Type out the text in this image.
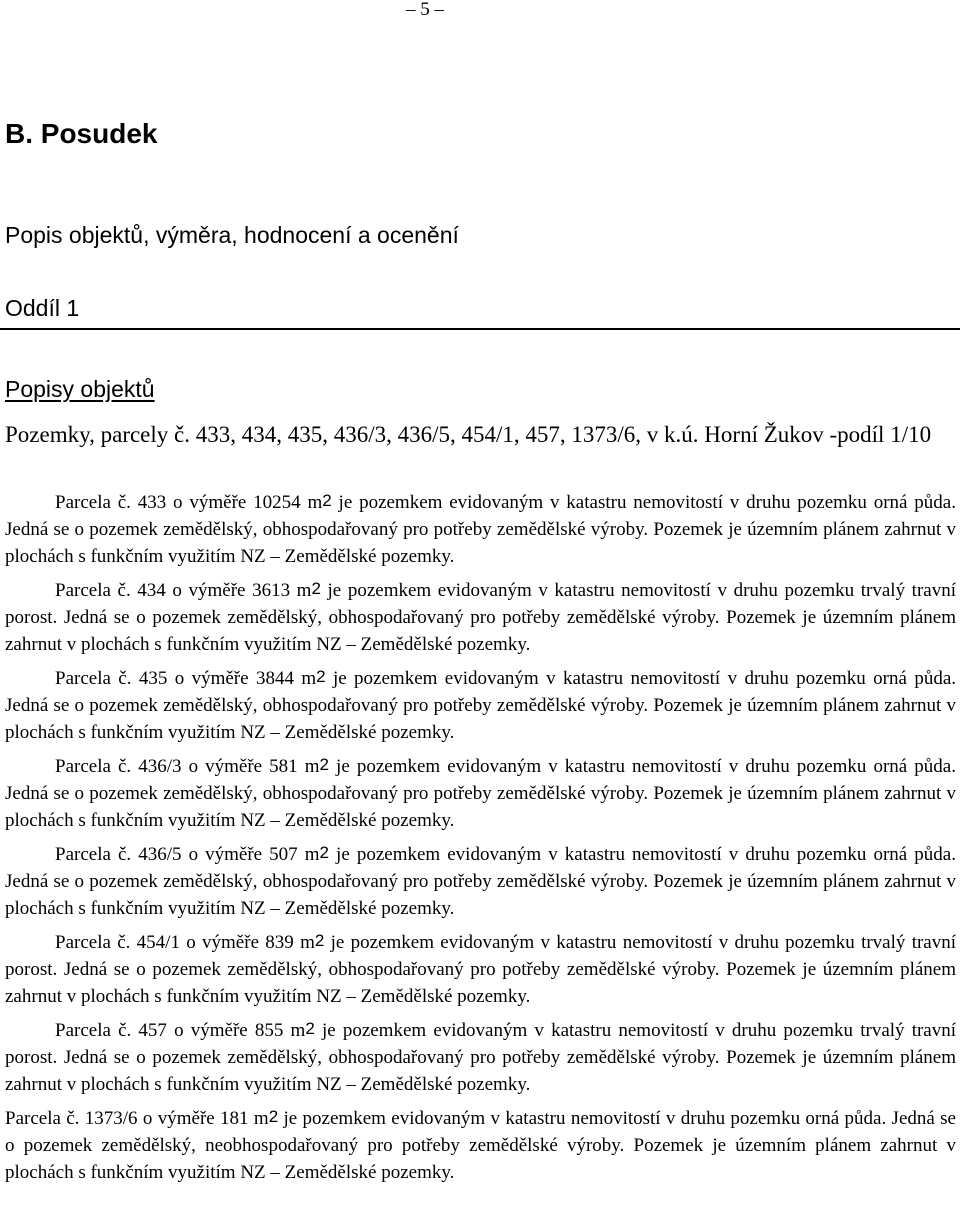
– 5 –
B. Posudek
Popis objektů, výměra, hodnocení a ocenění
Oddíl 1
Popisy objektů

Pozemky, parcely č. 433, 434, 435, 436/3, 436/5, 454/1, 457, 1373/6, v k.ú. Horní Žukov -podíl 1/10

Parcela č. 433 o výměře 10254 $m^2$ je pozemkem evidovaným v katastru nemovitostí v druhu pozemku orná půda. Jedná se o pozemek zemědělský, obhospodařovaný pro potřeby zemědělské výroby. Pozemek je územním plánem zahrnut v plochách s funkčním využitím NZ – Zemědělské pozemky.

Parcela č. 434 o výměře 3613 $m^2$ je pozemkem evidovaným v katastru nemovitostí v druhu pozemku trvalý travní porost. Jedná se o pozemek zemědělský, obhospodařovaný pro potřeby zemědělské výroby. Pozemek je územním plánem zahrnut v plochách s funkčním využitím NZ – Zemědělské pozemky.

Parcela č. 435 o výměře 3844 $m^2$ je pozemkem evidovaným v katastru nemovitostí v druhu pozemku orná půda. Jedná se o pozemek zemědělský, obhospodařovaný pro potřeby zemědělské výroby. Pozemek je územním plánem zahrnut v plochách s funkčním využitím NZ – Zemědělské pozemky.

Parcela č. 436/3 o výměře 581 $m^2$ je pozemkem evidovaným v katastru nemovitostí v druhu pozemku orná půda. Jedná se o pozemek zemědělský, obhospodařovaný pro potřeby zemědělské výroby. Pozemek je územním plánem zahrnut v plochách s funkčním využitím NZ – Zemědělské pozemky.

Parcela č. 436/5 o výměře 507 $m^2$ je pozemkem evidovaným v katastru nemovitostí v druhu pozemku orná půda. Jedná se o pozemek zemědělský, obhospodařovaný pro potřeby zemědělské výroby. Pozemek je územním plánem zahrnut v plochách s funkčním využitím NZ – Zemědělské pozemky.

Parcela č. 454/1 o výměře 839 $m^2$ je pozemkem evidovaným v katastru nemovitostí v druhu pozemku trvalý travní porost. Jedná se o pozemek zemědělský, obhospodařovaný pro potřeby zemědělské výroby. Pozemek je územním plánem zahrnut v plochách s funkčním využitím NZ – Zemědělské pozemky.

Parcela č. 457 o výměře 855 $m^2$ je pozemkem evidovaným v katastru nemovitostí v druhu pozemku trvalý travní porost. Jedná se o pozemek zemědělský, obhospodařovaný pro potřeby zemědělské výroby. Pozemek je územním plánem zahrnut v plochách s funkčním využitím NZ – Zemědělské pozemky.

Parcela č. 1373/6 o výměře 181 $m^2$ je pozemkem evidovaným v katastru nemovitostí v druhu pozemku orná půda. Jedná se o pozemek zemědělský, neobhospodařovaný pro potřeby zemědělské výroby. Pozemek je územním plánem zahrnut v plochách s funkčním využitím NZ – Zemědělské pozemky.
